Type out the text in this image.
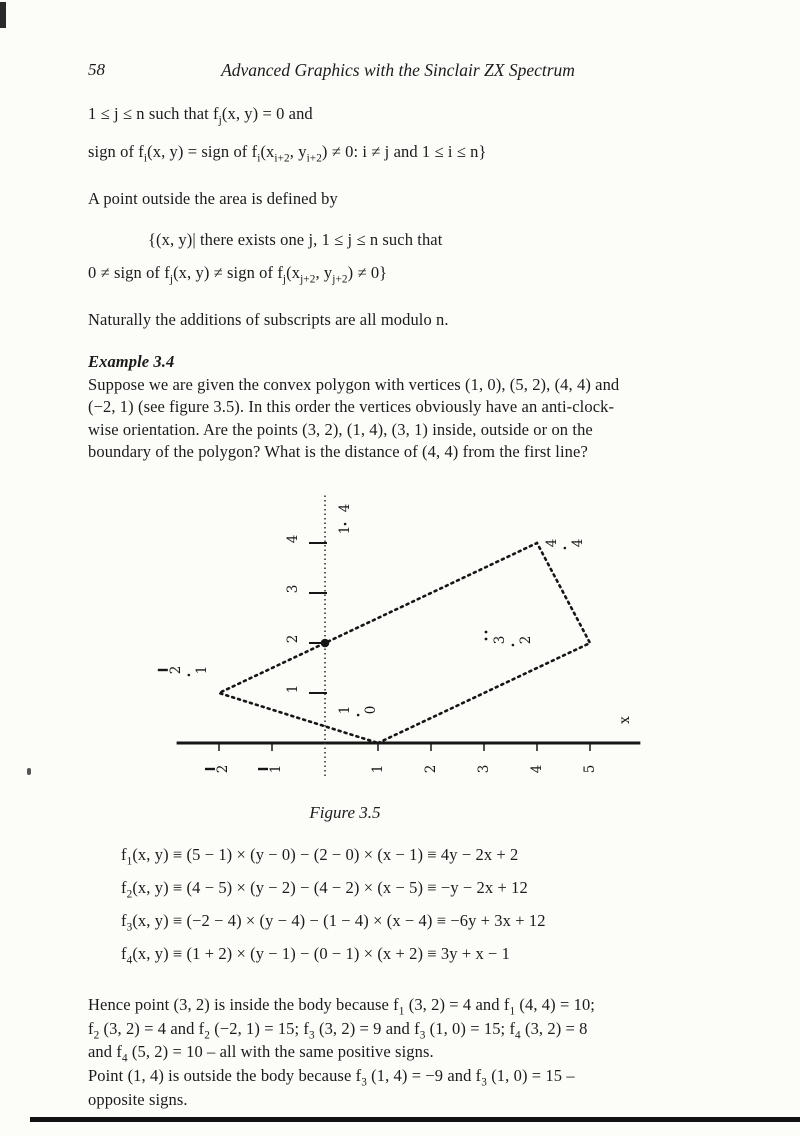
58	Advanced Graphics with the Sinclair ZX Spectrum
1 ≤ j ≤ n such that $f_j(x$, y) = 0 and
sign of $f_i(x$, y) = sign of $f_i(x_{i+2}$, $y_{i+2}) \ne 0$: i ≠ j and 1 ≤ i ≤ n}
A point outside the area is defined by
{(x, y)| there exists one j, 1 ≤ j ≤ n such that
0 ≠ sign of $f_j(x$, y) ≠ sign of $f_j(x_{j+2}$, $y_{j+2}) \ne 0$}
Naturally the additions of subscripts are all modulo n.
Example 3.4
Suppose we are given the convex polygon with vertices (1, 0), (5, 2), (4, 4) and
(−2, 1) (see figure 3.5). In this order the vertices obviously have an anti-clock-
wise orientation. Are the points (3, 2), (1, 4), (3, 1) inside, outside or on the
boundary of the polygon? What is the distance of (4, 4) from the first line?
2	1	1	2	3	4	5
1
2
3
4
1 0
3 2
4 4
2 1
4
1
x
Figure 3.5
$f_1(x$, y) ≡ (5 − 1) × (y − 0) − (2 − 0) × (x − 1) ≡ 4y − 2x + 2
$f_2(x$, y) ≡ (4 − 5) × (y − 2) − (4 − 2) × (x − 5) ≡ −y − 2x + 12
$f_3(x$, y) ≡ (−2 − 4) × (y − 4) − (1 − 4) × (x − 4) ≡ −6y + 3x + 12
$f_4(x$, y) ≡ (1 + 2) × (y − 1) − (0 − 1) × (x + 2) ≡ 3y + x − 1
Hence point (3, 2) is inside the body because $f_1$ (3, 2) = 4 and $f_1$ (4, 4) = 10;
$f_2$ (3, 2) = 4 and $f_2$ (−2, 1) = 15; $f_3$ (3, 2) = 9 and $f_3$ (1, 0) = 15; $f_4$ (3, 2) = 8
and $f_4$ (5, 2) = 10 – all with the same positive signs.
Point (1, 4) is outside the body because $f_3$ (1, 4) = −9 and $f_3$ (1, 0) = 15 –
opposite signs.
